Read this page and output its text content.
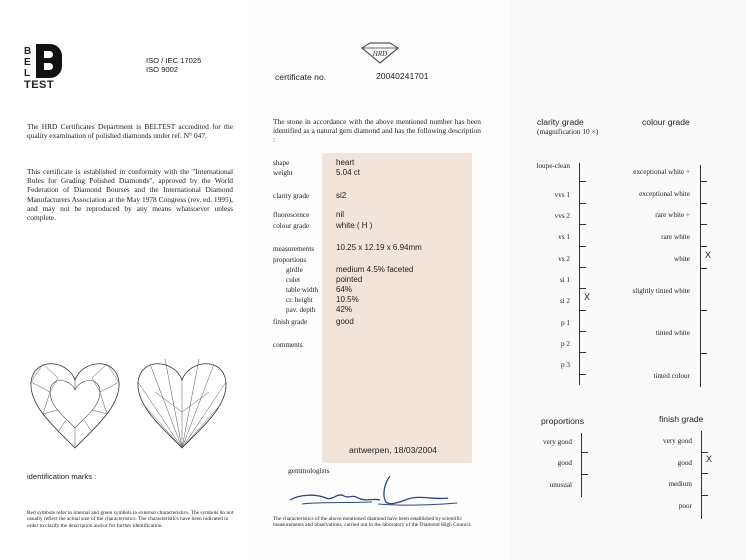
B
E
L
TEST
ISO / IEC 17025
ISO 9002
The HRD Certificates Department is BELTEST accredited for the quality examination of polished diamonds under ref. N° 047.
This certificate is established in conformity with the "International Rules for Grading Polished Diamonds", approved by the World Federation of Diamond Bourses and the International Diamond Manufacturers Association at the May 1978 Congress (rev. ed. 1995), and may not be reproduced by any means whatsoever unless complete.
identification marks :
Red symbols refer to internal and green symbols to external characteristics. The symbols do not usually reflect the actual size of the characteristics. The characteristics have been indicated in order to clarify the description and/or for further identification.
HRD
certificate no.	20040241701
The stone in accordance with the above mentioned number has been identified as a natural gem diamond and has the following description :
shape	heart
weight	5.04 ct
clarity grade	si2
fluorescence	nil
colour grade	white ( H )
measurements	10.25 x 12.19 x 6.94mm
proportions
girdle	medium 4.5% faceted
culet	pointed
table width 64%
cr. height	10.5%
pav. depth	42%
finish grade	good
comments
antwerpen, 18/03/2004
gemmologists
The characteristics of the above mentioned diamond have been established by scientific measurements and observations, carried out in the laboratory of the Diamond High Council.
clarity grade
(magnification 10 ×)
colour grade
loupe-clean
vvs 1
vvs 2
vs 1
vs 2
si 1
si 2
p 1
p 2
p 3
X
exceptional white +
exceptional white
rare white +
rare white
white
slightly tinted white
tinted white
tinted colour
X
proportions
very good
good
unusual
finish grade
very good
good
medium
poor
X
